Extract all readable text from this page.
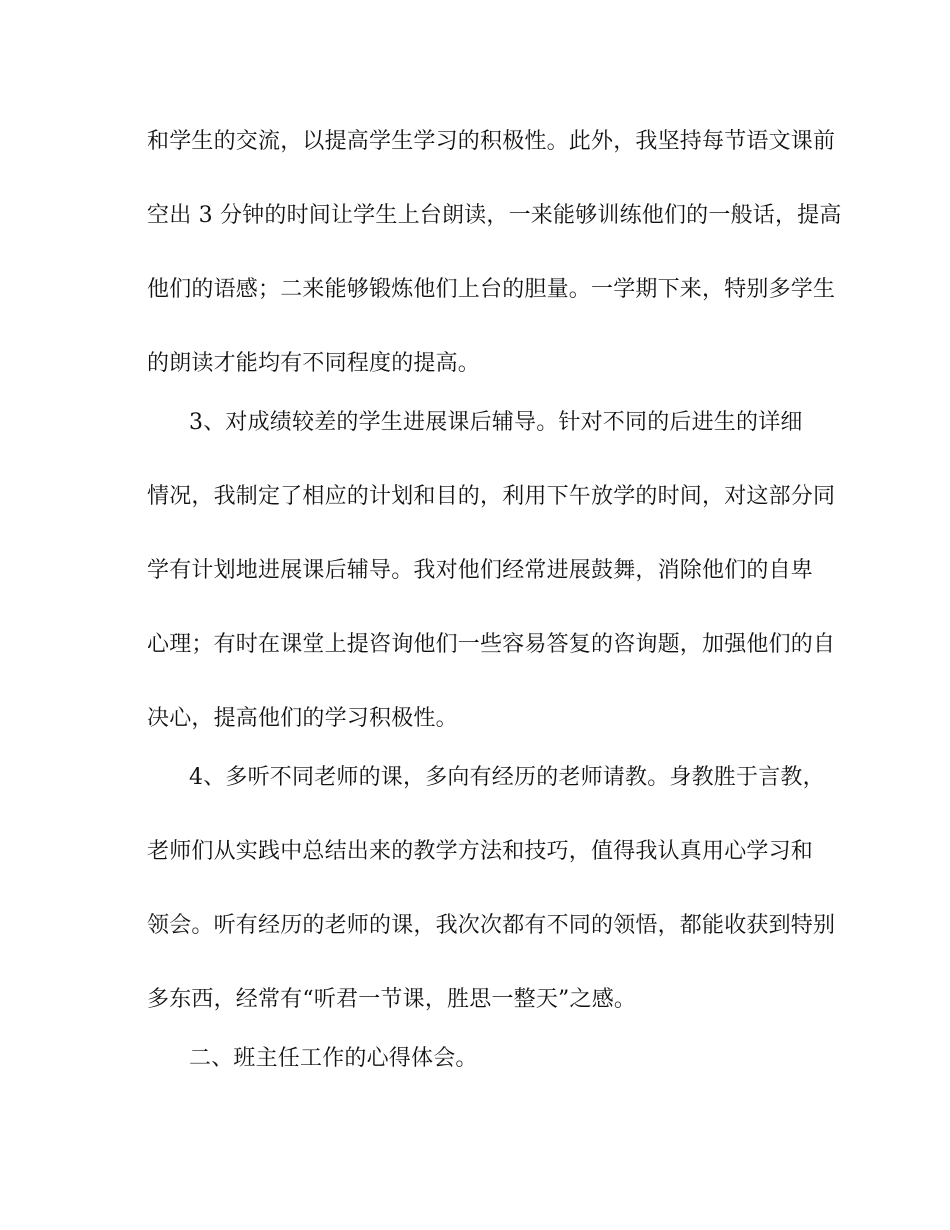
和学生的交流，以提高学生学习的积极性。此外，我坚持每节语文课前
空出 3 分钟的时间让学生上台朗读，一来能够训练他们的一般话，提高
他们的语感；二来能够锻炼他们上台的胆量。一学期下来，特别多学生
的朗读才能均有不同程度的提高。
3、对成绩较差的学生进展课后辅导。针对不同的后进生的详细
情况，我制定了相应的计划和目的，利用下午放学的时间，对这部分同
学有计划地进展课后辅导。我对他们经常进展鼓舞，消除他们的自卑
心理；有时在课堂上提咨询他们一些容易答复的咨询题，加强他们的自
决心，提高他们的学习积极性。
4、多听不同老师的课，多向有经历的老师请教。身教胜于言教，
老师们从实践中总结出来的教学方法和技巧，值得我认真用心学习和
领会。听有经历的老师的课，我次次都有不同的领悟，都能收获到特别
多东西，经常有“听君一节课，胜思一整天”之感。
二、班主任工作的心得体会。
